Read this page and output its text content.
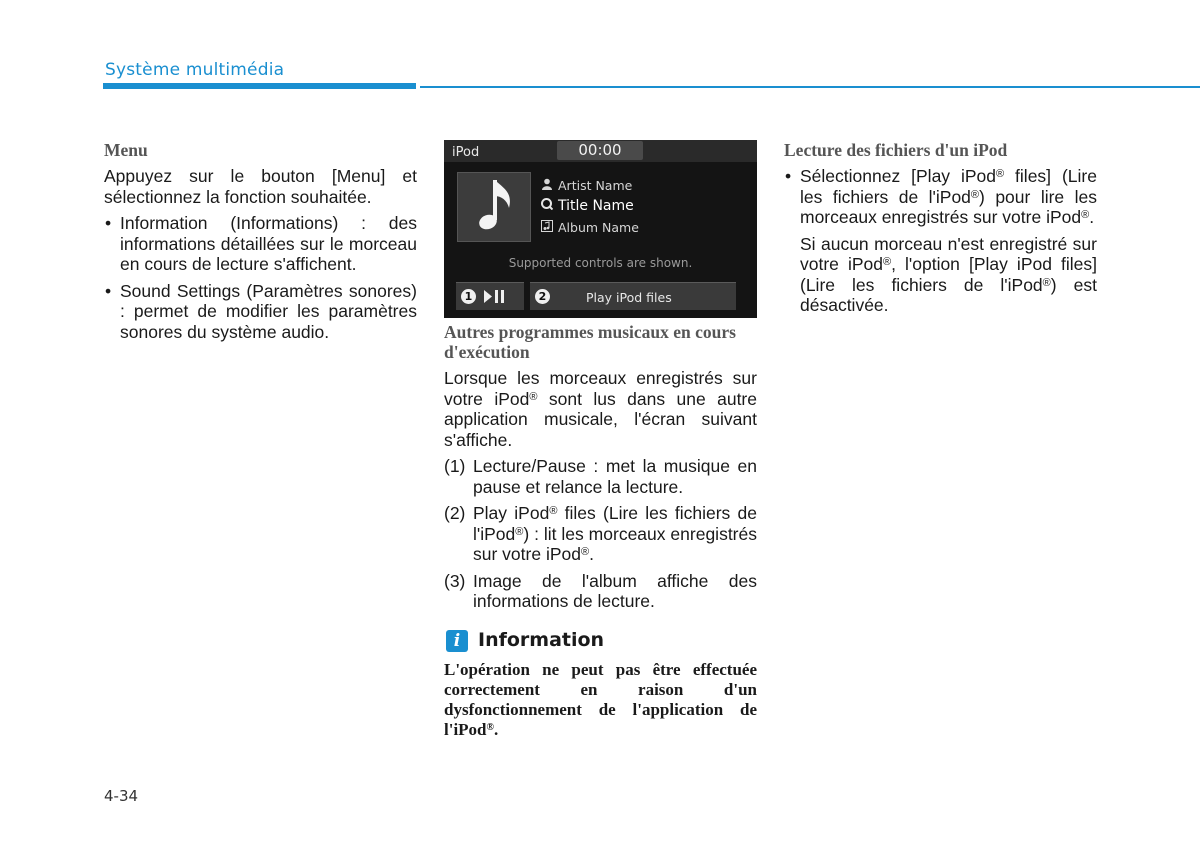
Système multimédia
Menu

Appuyez sur le bouton [Menu] et sélectionnez la fonction souhaitée.

• Information (Informations) : des informations détaillées sur le morceau en cours de lecture s'affichent.
• Sound Settings (Paramètres sonores) : permet de modifier les paramètres sonores du système audio.
iPod	00:00
Artist Name
Title Name
Album Name
Supported controls are shown.
1	2	Play iPod files
Autres programmes musicaux en cours d'exécution

Lorsque les morceaux enregistrés sur votre iPod® sont lus dans une autre application musicale, l'écran suivant s'affiche.

(1) Lecture/Pause : met la musique en pause et relance la lecture.
(2) Play iPod® files (Lire les fichiers de l'iPod®) : lit les morceaux enregistrés sur votre iPod®.
(3) Image de l'album affiche des informations de lecture.
i Information

L'opération ne peut pas être effectuée correctement en raison d'un dysfonctionnement de l'application de l'iPod®.

Lecture des fichiers d'un iPod
• Sélectionnez [Play iPod® files] (Lire les fichiers de l'iPod®) pour lire les morceaux enregistrés sur votre iPod®.

Si aucun morceau n'est enregistré sur votre iPod®, l'option [Play iPod files] (Lire les fichiers de l'iPod®) est désactivée.

4-34
